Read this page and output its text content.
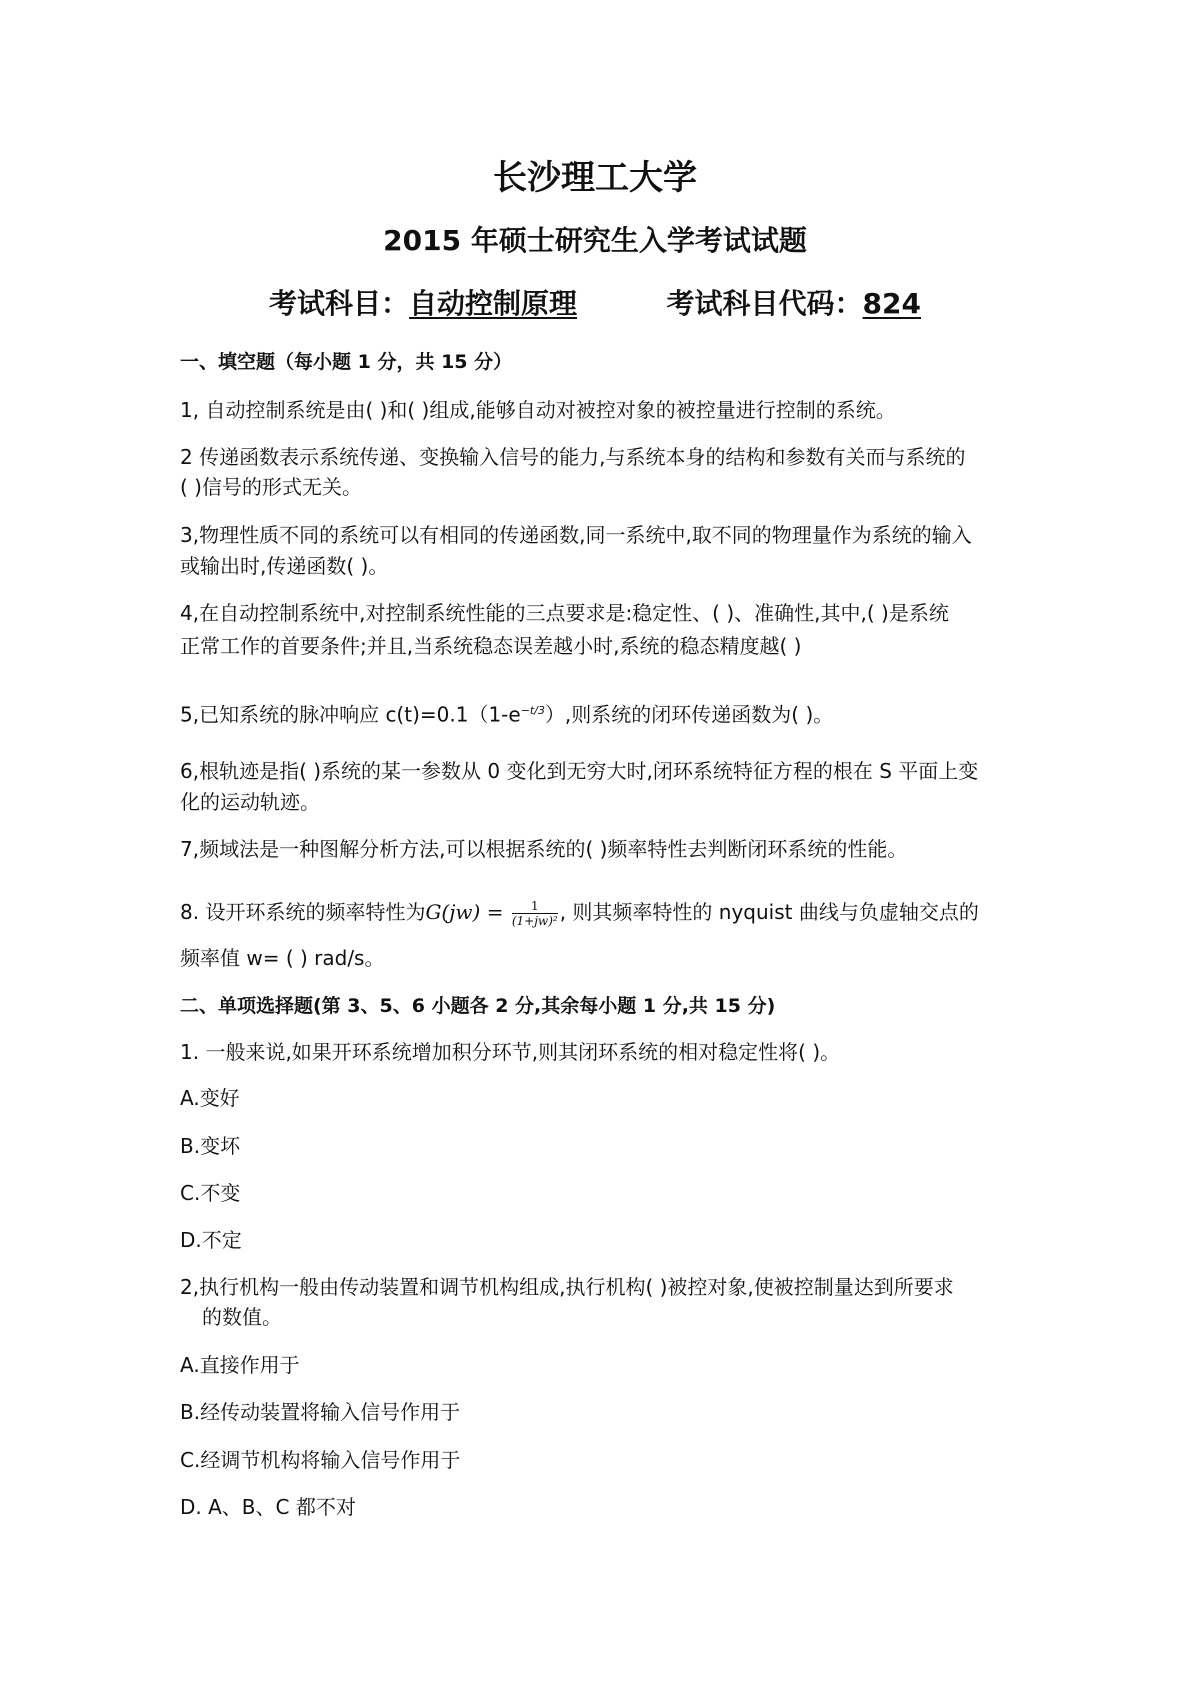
长沙理工大学
2015 年硕士研究生入学考试试题
考试科目：自动控制原理	考试科目代码：824
一、填空题（每小题 1 分，共 15 分）
1, 自动控制系统是由( )和( )组成,能够自动对被控对象的被控量进行控制的系统。
2 传递函数表示系统传递、变换输入信号的能力,与系统本身的结构和参数有关而与系统的
( )信号的形式无关。
3,物理性质不同的系统可以有相同的传递函数,同一系统中,取不同的物理量作为系统的输入
或输出时,传递函数( )。
4,在自动控制系统中,对控制系统性能的三点要求是:稳定性、( )、准确性,其中,( )是系统
正常工作的首要条件;并且,当系统稳态误差越小时,系统的稳态精度越( )
5,已知系统的脉冲响应 $c(t)=0.1(1-e^{-t/3})$,则系统的闭环传递函数为( )。
6,根轨迹是指( )系统的某一参数从 0 变化到无穷大时,闭环系统特征方程的根在 S 平面上变
化的运动轨迹。
7,频域法是一种图解分析方法,可以根据系统的( )频率特性去判断闭环系统的性能。
8. 设开环系统的频率特性为$G(jw) = \frac{1}{\text{(1+jw)²}}$ , 则其频率特性的 nyquist 曲线与负虚轴交点的
频率值 w= ( ) rad/s。
二、单项选择题(第 3、5、6 小题各 2 分,其余每小题 1 分,共 15 分)
1. 一般来说,如果开环系统增加积分环节,则其闭环系统的相对稳定性将( )。
A.变好
B.变坏
C.不变
D.不定
2,执行机构一般由传动装置和调节机构组成,执行机构( )被控对象,使被控制量达到所要求
的数值。
A.直接作用于
B.经传动装置将输入信号作用于
C.经调节机构将输入信号作用于
D. A、B、C 都不对
